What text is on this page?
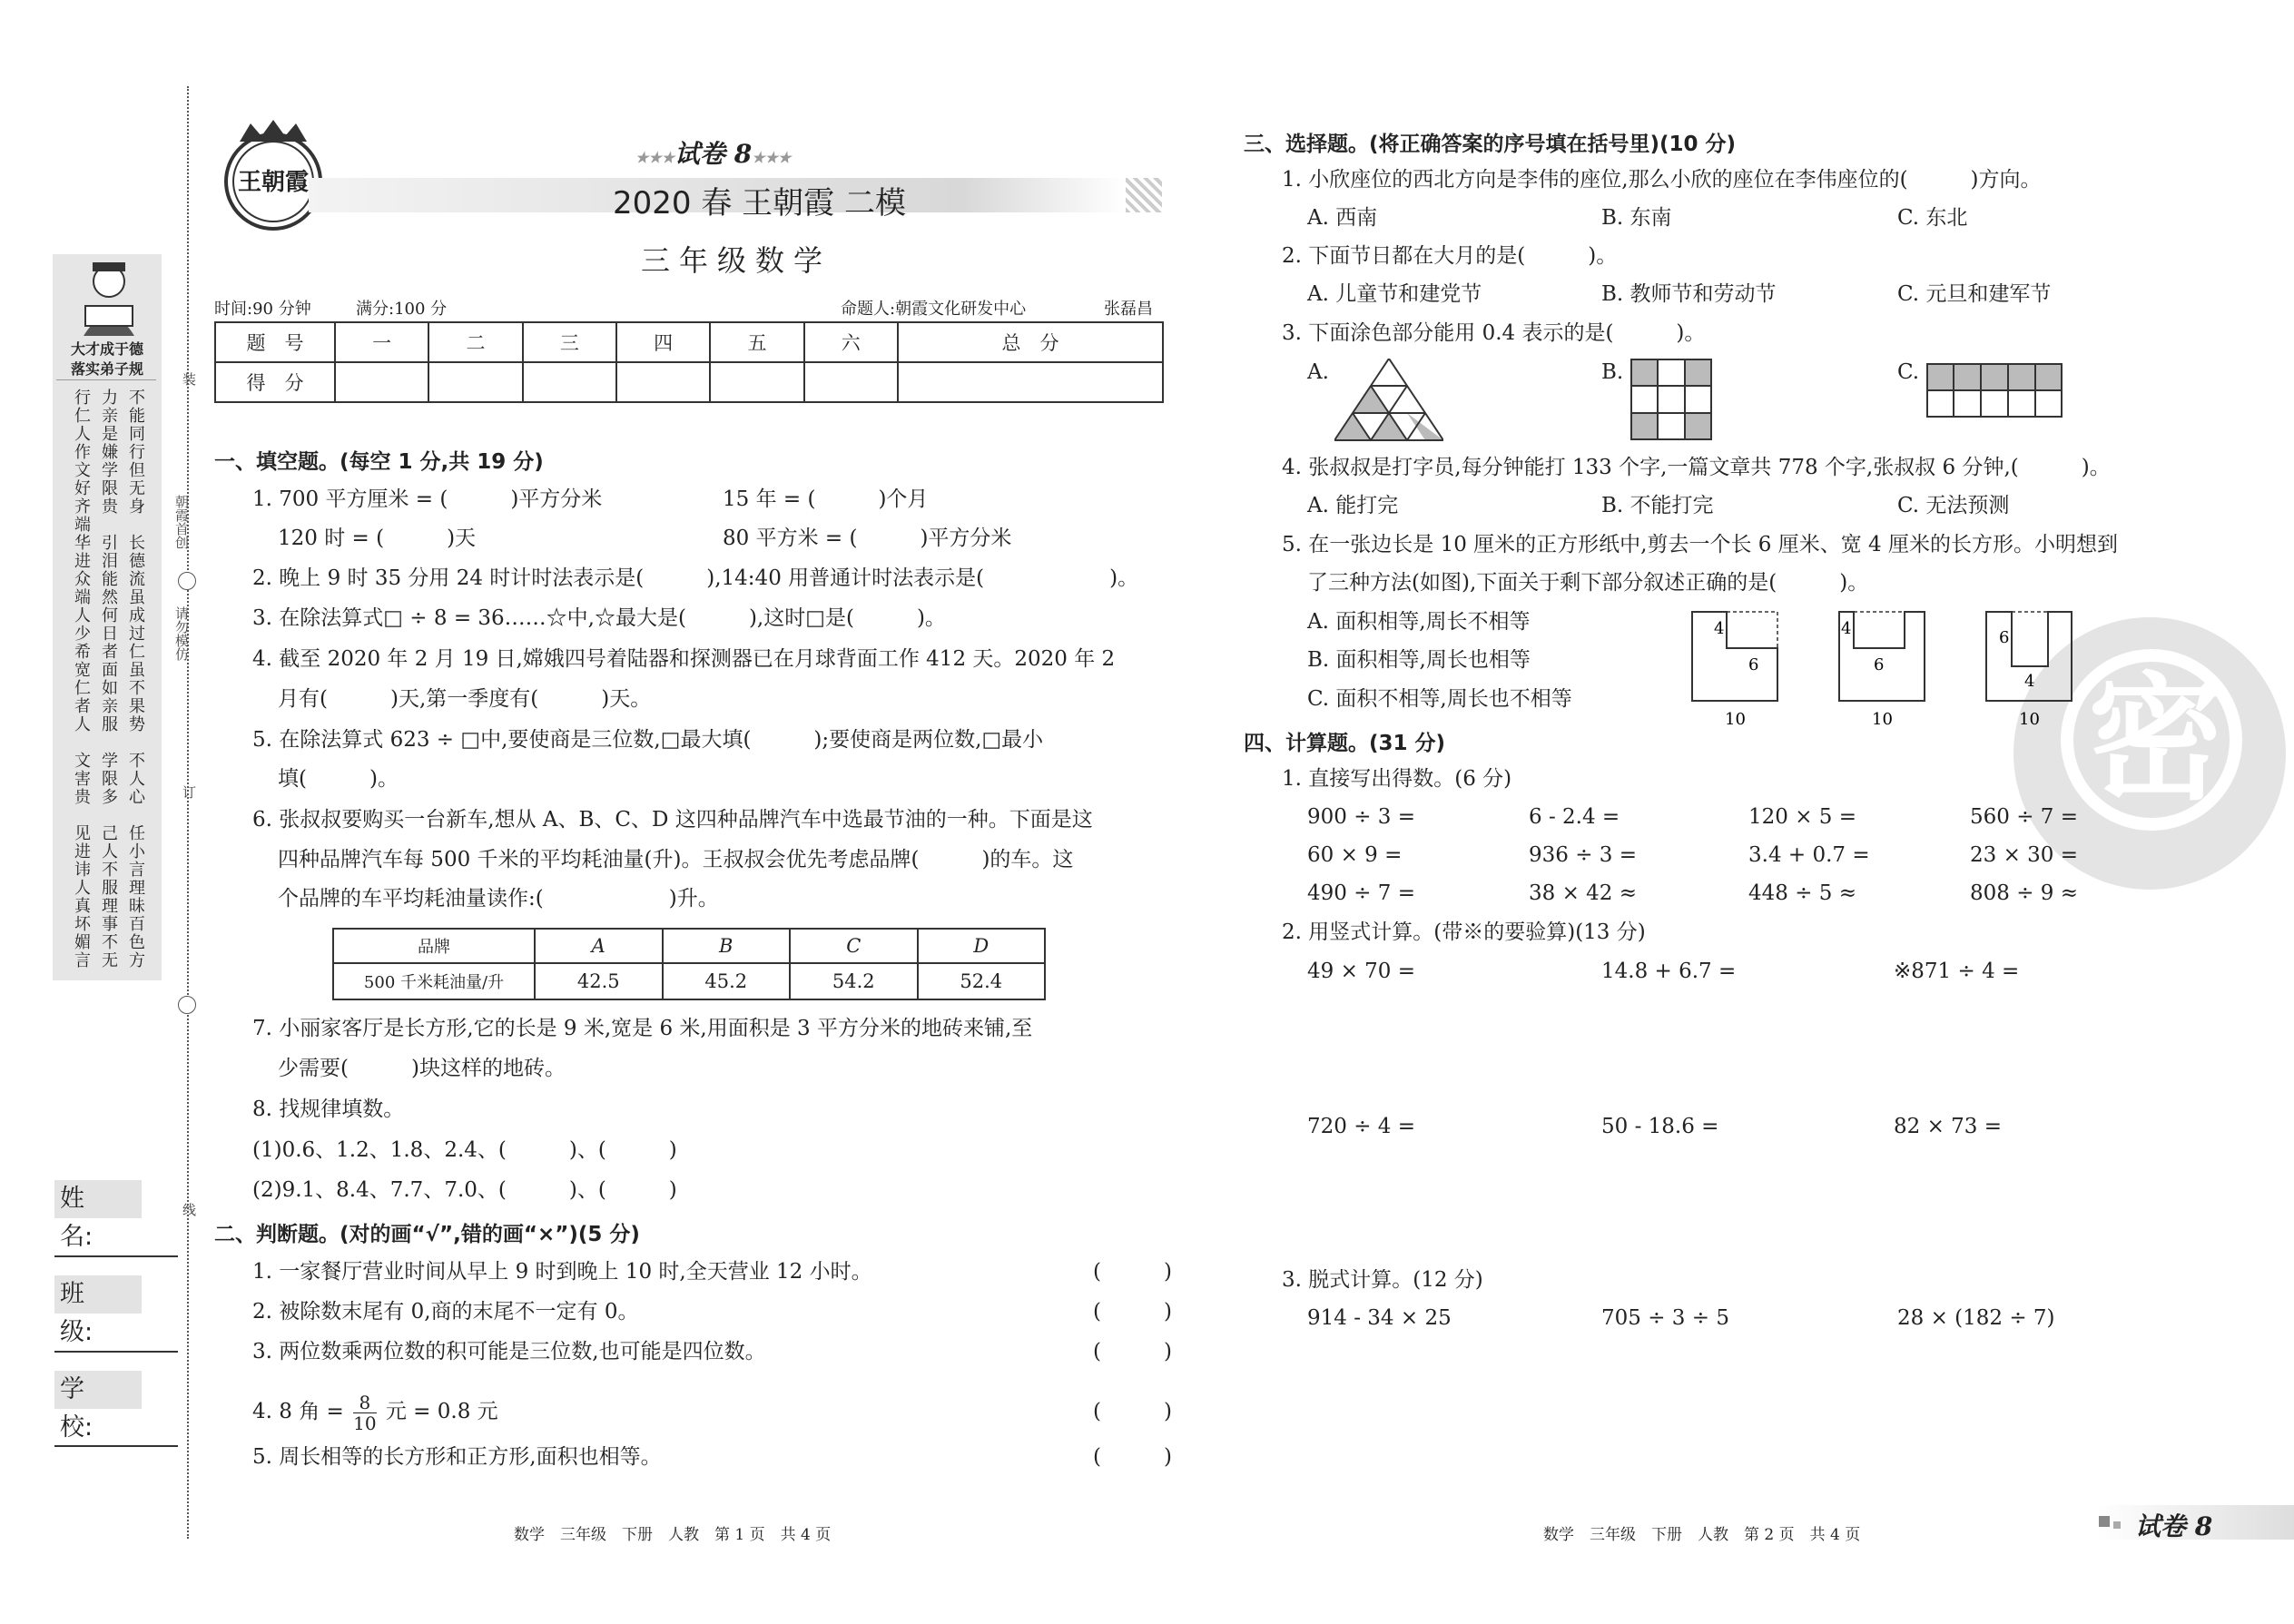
装
朝霞首创
请勿模仿
订
线
大才成于德
落实弟子规
不能同行
力亲是嫌
行仁人作
但无身
学限贵
文好齐端
长德流虽
引泪能然
华进众端
成过仁虽
何日者面
人少希宽
不果势
如亲服
仁者人
不人心
学限多
文害贵
任小言理
己人不服
见进讳人
昧百色方
理事不无
真坏媚言
姓　名:
班　级:
学　校:
王朝霞
★★★试卷 8★★★
2020 春 王朝霞 二模
三年级数学
时间:90 分钟	满分:100 分	命题人:朝霞文化研发中心	张磊昌
题　号	一	二	三	四	五	六	总　分
得　分							
一、填空题。(每空 1 分,共 19 分)
1. 700 平方厘米 = (　　　)平方分米	15 年 = (　　　)个月
120 时 = (　　　)天	80 平方米 = (　　　)平方分米
2. 晚上 9 时 35 分用 24 时计时法表示是(　　　),14:40 用普通计时法表示是(　　　　　　)。
3. 在除法算式□ ÷ 8 = 36……☆中,☆最大是(　　　),这时□是(　　　)。
4. 截至 2020 年 2 月 19 日,嫦娥四号着陆器和探测器已在月球背面工作 412 天。2020 年 2
月有(　　　)天,第一季度有(　　　)天。
5. 在除法算式 623 ÷ □中,要使商是三位数,□最大填(　　　);要使商是两位数,□最小
填(　　　)。
6. 张叔叔要购买一台新车,想从 A、B、C、D 这四种品牌汽车中选最节油的一种。下面是这
四种品牌汽车每 500 千米的平均耗油量(升)。王叔叔会优先考虑品牌(　　　)的车。这
个品牌的车平均耗油量读作:(　　　　　　)升。
品牌	A	B	C	D
500 千米耗油量/升	42.5	45.2	54.2	52.4
7. 小丽家客厅是长方形,它的长是 9 米,宽是 6 米,用面积是 3 平方分米的地砖来铺,至
少需要(　　　)块这样的地砖。
8. 找规律填数。
(1)0.6、1.2、1.8、2.4、(　　　)、(　　　)
(2)9.1、8.4、7.7、7.0、(　　　)、(　　　)
二、判断题。(对的画“√”,错的画“×”)(5 分)
1. 一家餐厅营业时间从早上 9 时到晚上 10 时,全天营业 12 小时。
2. 被除数末尾有 0,商的末尾不一定有 0。
3. 两位数乘两位数的积可能是三位数,也可能是四位数。
4. 8 角 = $\frac{8}{10}$ 元 = 0.8 元
5. 周长相等的长方形和正方形,面积也相等。
(　　　)
(　　　)
(　　　)
(　　　)
(　　　)
数学　三年级　下册　人教　第 1 页　共 4 页
密
三、选择题。(将正确答案的序号填在括号里)(10 分)
1. 小欣座位的西北方向是李伟的座位,那么小欣的座位在李伟座位的(　　　)方向。
A. 西南	B. 东南	C. 东北
2. 下面节日都在大月的是(　　　)。
A. 儿童节和建党节	B. 教师节和劳动节	C. 元旦和建军节
3. 下面涂色部分能用 0.4 表示的是(　　　)。
A.	B.	C.
4. 张叔叔是打字员,每分钟能打 133 个字,一篇文章共 778 个字,张叔叔 6 分钟,(　　　)。
A. 能打完	B. 不能打完	C. 无法预测
5. 在一张边长是 10 厘米的正方形纸中,剪去一个长 6 厘米、宽 4 厘米的长方形。小明想到
了三种方法(如图),下面关于剩下部分叙述正确的是(　　　)。
A. 面积相等,周长不相等
B. 面积相等,周长也相等
C. 面积不相等,周长也不相等
4
6
10
4
6
10
6
4
10
四、计算题。(31 分)
1. 直接写出得数。(6 分)
900 ÷ 3 =	6 - 2.4 =	120 × 5 =	560 ÷ 7 =
60 × 9 =	936 ÷ 3 =	3.4 + 0.7 =	23 × 30 =
490 ÷ 7 =	38 × 42 ≈	448 ÷ 5 ≈	808 ÷ 9 ≈
2. 用竖式计算。(带※的要验算)(13 分)
49 × 70 =	14.8 + 6.7 =	※871 ÷ 4 =
720 ÷ 4 =	50 - 18.6 =	82 × 73 =
3. 脱式计算。(12 分)
914 - 34 × 25	705 ÷ 3 ÷ 5	28 × (182 ÷ 7)
数学　三年级　下册　人教　第 2 页　共 4 页	试卷 8
